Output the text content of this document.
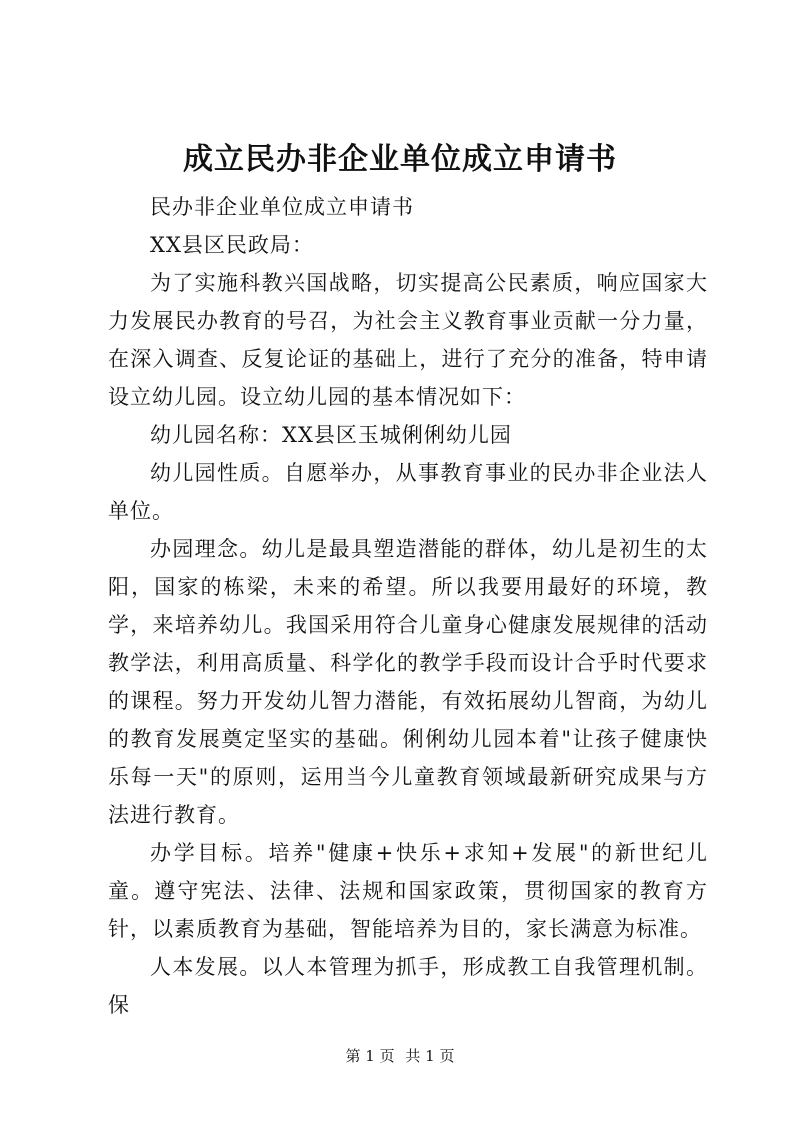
成立民办非企业单位成立申请书

民办非企业单位成立申请书

XX县区民政局：

为了实施科教兴国战略，切实提高公民素质，响应国家大力发展民办教育的号召，为社会主义教育事业贡献一分力量，在深入调查、反复论证的基础上，进行了充分的准备，特申请设立幼儿园。设立幼儿园的基本情况如下：

幼儿园名称：XX县区玉城俐俐幼儿园

幼儿园性质。自愿举办，从事教育事业的民办非企业法人单位。

办园理念。幼儿是最具塑造潜能的群体，幼儿是初生的太阳，国家的栋梁，未来的希望。所以我要用最好的环境，教学，来培养幼儿。我国采用符合儿童身心健康发展规律的活动教学法，利用高质量、科学化的教学手段而设计合乎时代要求的课程。努力开发幼儿智力潜能，有效拓展幼儿智商，为幼儿的教育发展奠定坚实的基础。俐俐幼儿园本着"让孩子健康快乐每一天"的原则，运用当今儿童教育领域最新研究成果与方法进行教育。

办学目标。培养"健康+快乐+求知+发展"的新世纪儿童。遵守宪法、法律、法规和国家政策，贯彻国家的教育方针，以素质教育为基础，智能培养为目的，家长满意为标准。

人本发展。以人本管理为抓手，形成教工自我管理机制。保

第 1 页 共 1 页
